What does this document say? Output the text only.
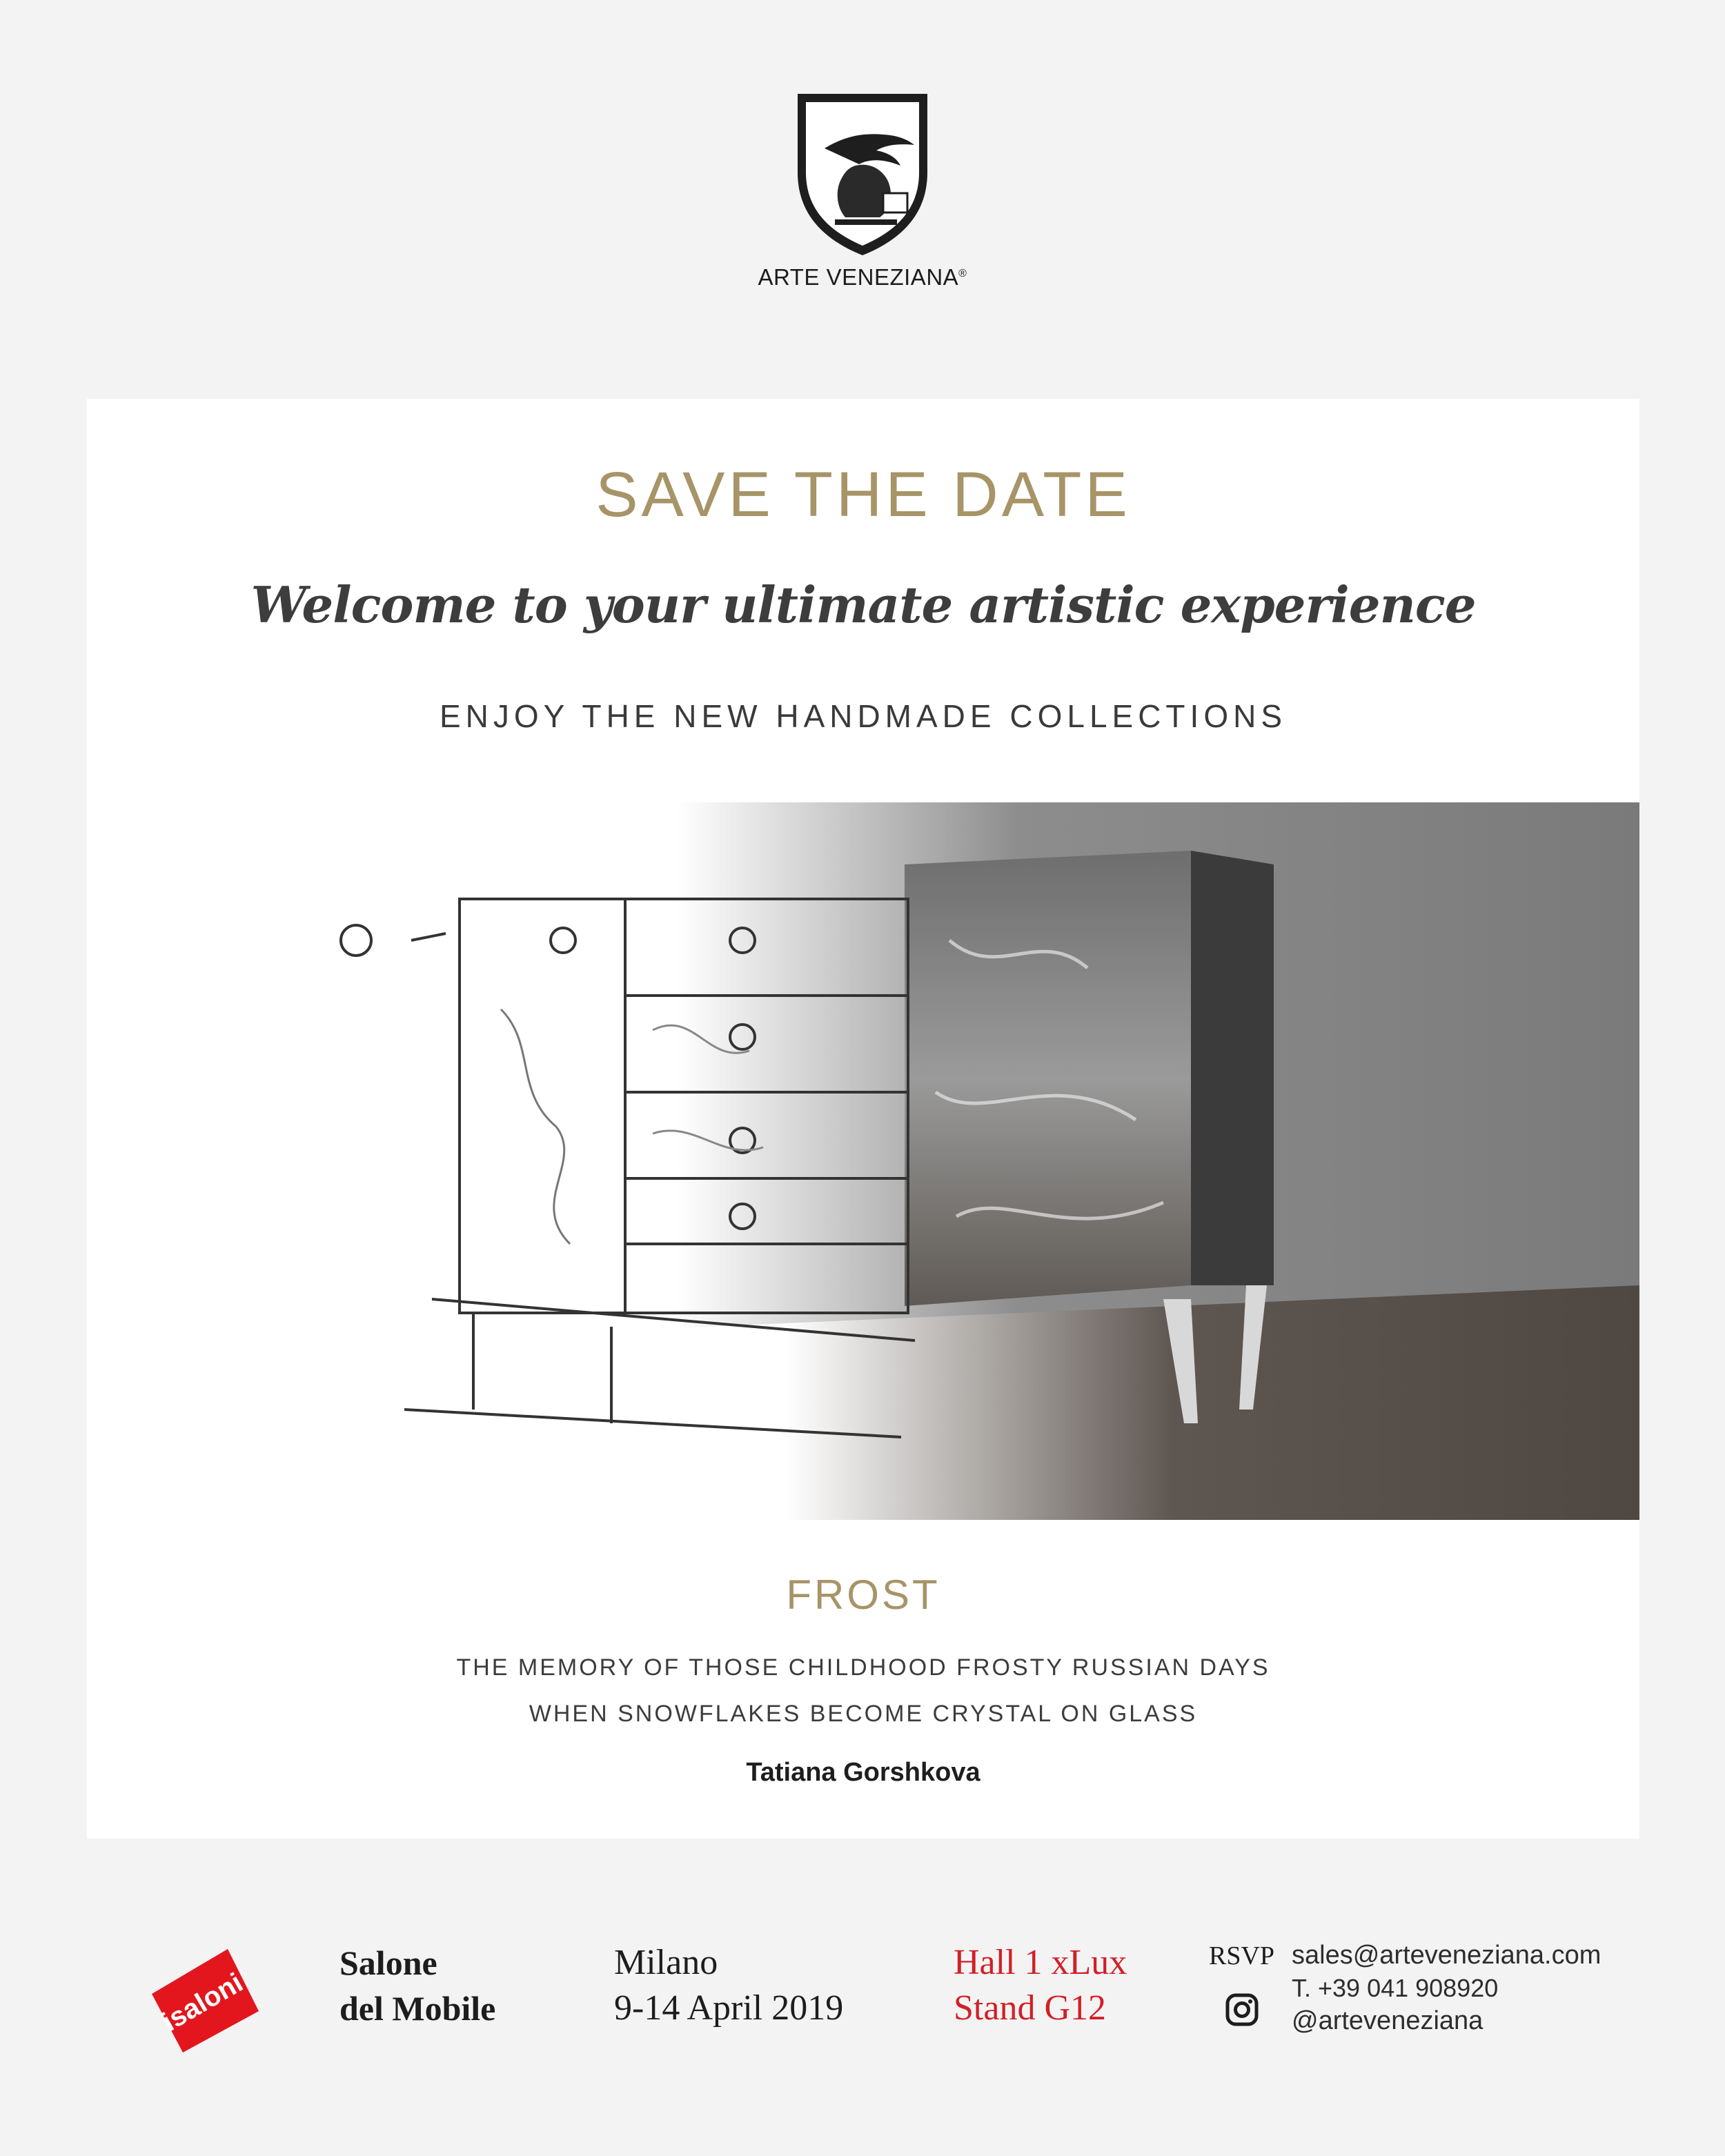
ARTE VENEZIANA®
SAVE THE DATE
Welcome to your ultimate artistic experience
ENJOY THE NEW HANDMADE COLLECTIONS
FROST
THE MEMORY OF THOSE CHILDHOOD FROSTY RUSSIAN DAYS
WHEN SNOWFLAKES BECOME CRYSTAL ON GLASS
Tatiana Gorshkova
isaloni
Salone
del Mobile
Milano
9-14 April 2019
Hall 1 xLux
Stand G12
RSVP sales@arteveneziana.com
T. +39 041 908920
@arteveneziana
